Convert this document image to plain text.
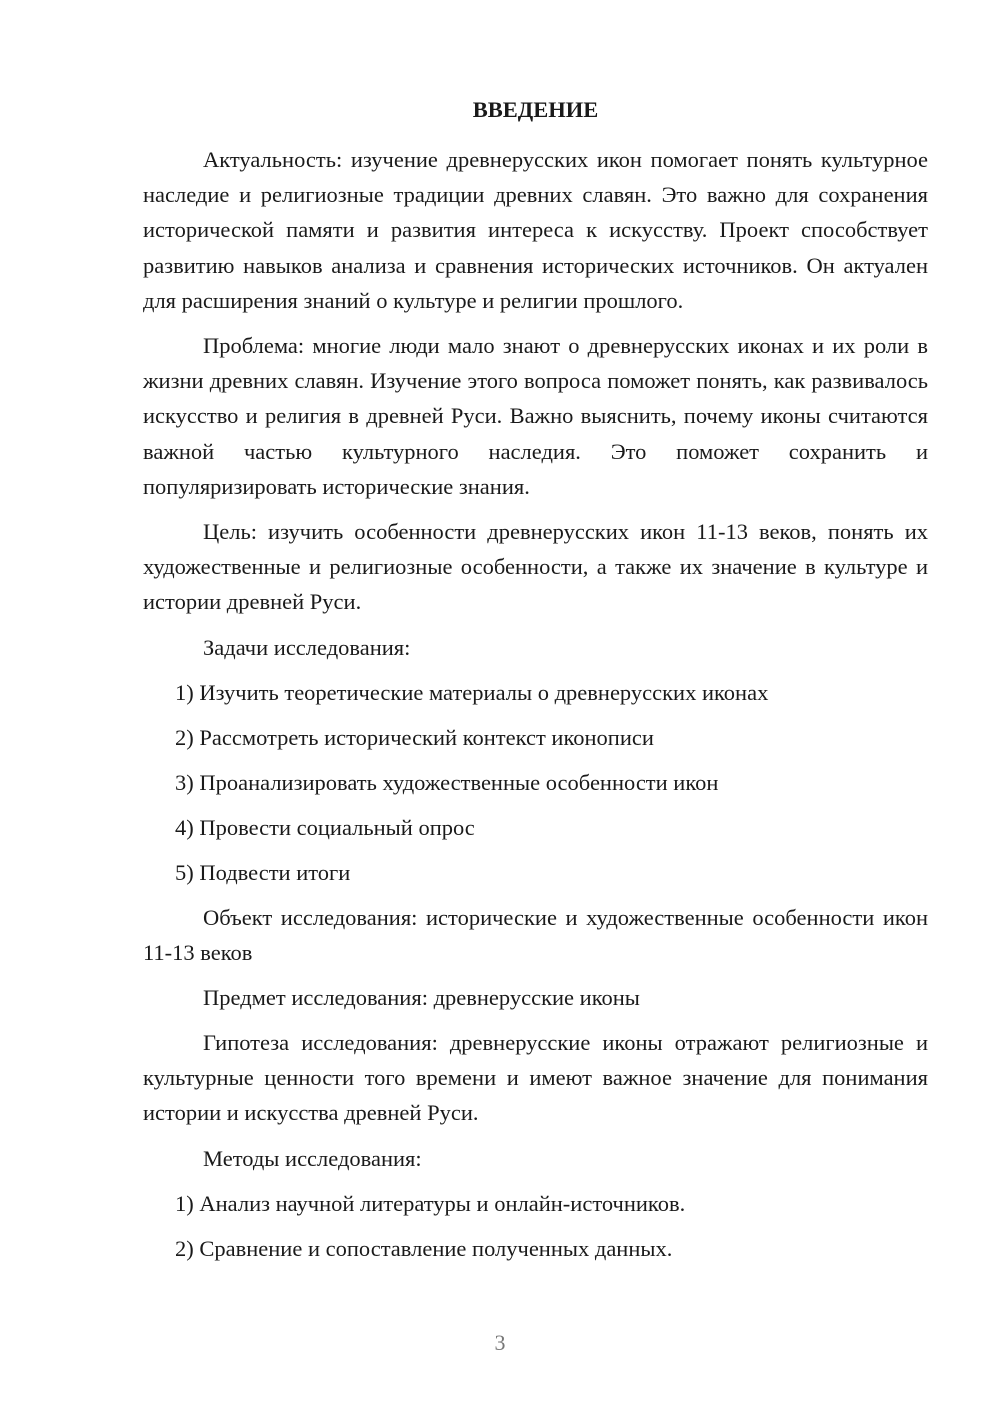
ВВЕДЕНИЕ

Актуальность: изучение древнерусских икон помогает понять культурное наследие и религиозные традиции древних славян. Это важно для сохранения исторической памяти и развития интереса к искусству. Проект способствует развитию навыков анализа и сравнения исторических источников. Он актуален для расширения знаний о культуре и религии прошлого.

Проблема: многие люди мало знают о древнерусских иконах и их роли в жизни древних славян. Изучение этого вопроса поможет понять, как развивалось искусство и религия в древней Руси. Важно выяснить, почему иконы считаются важной частью культурного наследия. Это поможет сохранить и популяризировать исторические знания.

Цель: изучить особенности древнерусских икон 11-13 веков, понять их художественные и религиозные особенности, а также их значение в культуре и истории древней Руси.

Задачи исследования:
1) Изучить теоретические материалы о древнерусских иконах
2) Рассмотреть исторический контекст иконописи
3) Проанализировать художественные особенности икон
4) Провести социальный опрос
5) Подвести итоги

Объект исследования: исторические и художественные особенности икон 11-13 веков

Предмет исследования: древнерусские иконы

Гипотеза исследования: древнерусские иконы отражают религиозные и культурные ценности того времени и имеют важное значение для понимания истории и искусства древней Руси.

Методы исследования:
1) Анализ научной литературы и онлайн-источников.
2) Сравнение и сопоставление полученных данных.
3
